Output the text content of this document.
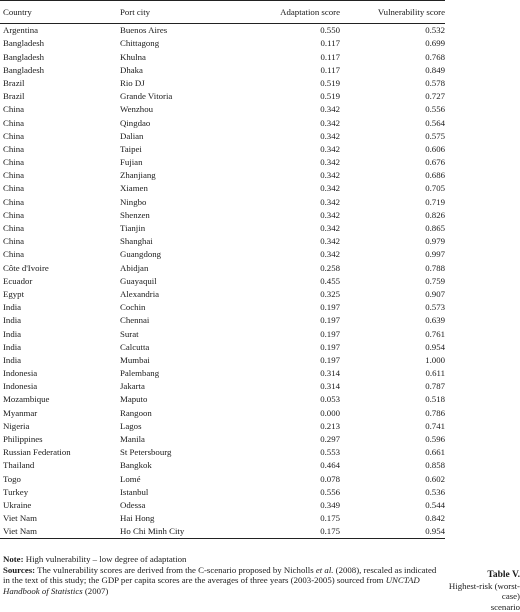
Country	Port city	Adaptation score	Vulnerability score
Argentina	Buenos Aires	0.550	0.532
Bangladesh	Chittagong	0.117	0.699
Bangladesh	Khulna	0.117	0.768
Bangladesh	Dhaka	0.117	0.849
Brazil	Rio DJ	0.519	0.578
Brazil	Grande Vitoria	0.519	0.727
China	Wenzhou	0.342	0.556
China	Qingdao	0.342	0.564
China	Dalian	0.342	0.575
China	Taipei	0.342	0.606
China	Fujian	0.342	0.676
China	Zhanjiang	0.342	0.686
China	Xiamen	0.342	0.705
China	Ningbo	0.342	0.719
China	Shenzen	0.342	0.826
China	Tianjin	0.342	0.865
China	Shanghai	0.342	0.979
China	Guangdong	0.342	0.997
Côte d'Ivoire	Abidjan	0.258	0.788
Ecuador	Guayaquil	0.455	0.759
Egypt	Alexandria	0.325	0.907
India	Cochin	0.197	0.573
India	Chennai	0.197	0.639
India	Surat	0.197	0.761
India	Calcutta	0.197	0.954
India	Mumbai	0.197	1.000
Indonesia	Palembang	0.314	0.611
Indonesia	Jakarta	0.314	0.787
Mozambique	Maputo	0.053	0.518
Myanmar	Rangoon	0.000	0.786
Nigeria	Lagos	0.213	0.741
Philippines	Manila	0.297	0.596
Russian Federation	St Petersbourg	0.553	0.661
Thailand	Bangkok	0.464	0.858
Togo	Lomé	0.078	0.602
Turkey	Istanbul	0.556	0.536
Ukraine	Odessa	0.349	0.544
Viet Nam	Hai Hong	0.175	0.842
Viet Nam	Ho Chi Minh City	0.175	0.954

Note: High vulnerability – low degree of adaptation

Sources: The vulnerability scores are derived from the C-scenario proposed by Nicholls et al. (2008), rescaled as indicated in the text of this study; the GDP per capita scores are the averages of three years (2003-2005) sourced from UNCTAD Handbook of Statistics (2007)

Table V.
Highest-risk (worst-case)
scenario
